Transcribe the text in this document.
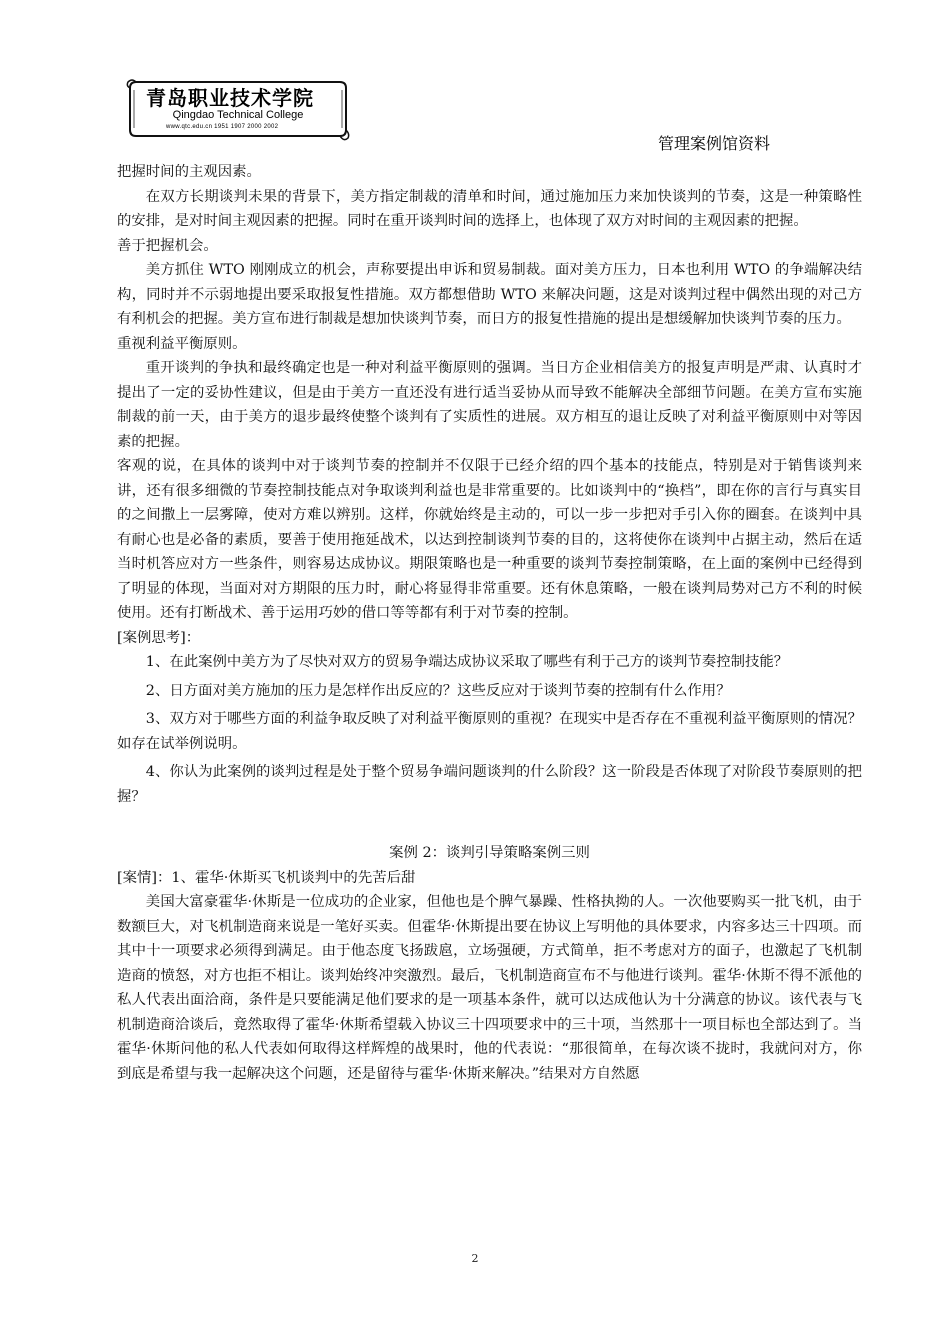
青岛职业技术学院
Qingdao Technical College
www.qtc.edu.cn 1951 1907 2000 2002
管理案例馆资料

把握时间的主观因素。

在双方长期谈判未果的背景下，美方指定制裁的清单和时间，通过施加压力来加快谈判的节奏，这是一种策略性的安排，是对时间主观因素的把握。同时在重开谈判时间的选择上，也体现了双方对时间的主观因素的把握。

善于把握机会。

美方抓住 WTO 刚刚成立的机会，声称要提出申诉和贸易制裁。面对美方压力，日本也利用 WTO 的争端解决结构，同时并不示弱地提出要采取报复性措施。双方都想借助 WTO 来解决问题，这是对谈判过程中偶然出现的对己方有利机会的把握。美方宣布进行制裁是想加快谈判节奏，而日方的报复性措施的提出是想缓解加快谈判节奏的压力。

重视利益平衡原则。

重开谈判的争执和最终确定也是一种对利益平衡原则的强调。当日方企业相信美方的报复声明是严肃、认真时才提出了一定的妥协性建议，但是由于美方一直还没有进行适当妥协从而导致不能解决全部细节问题。在美方宣布实施制裁的前一天，由于美方的退步最终使整个谈判有了实质性的进展。双方相互的退让反映了对利益平衡原则中对等因素的把握。

客观的说，在具体的谈判中对于谈判节奏的控制并不仅限于已经介绍的四个基本的技能点，特别是对于销售谈判来讲，还有很多细微的节奏控制技能点对争取谈判利益也是非常重要的。比如谈判中的“换档”，即在你的言行与真实目的之间撒上一层雾障，使对方难以辨别。这样，你就始终是主动的，可以一步一步把对手引入你的圈套。在谈判中具有耐心也是必备的素质，要善于使用拖延战术，以达到控制谈判节奏的目的，这将使你在谈判中占据主动，然后在适当时机答应对方一些条件，则容易达成协议。期限策略也是一种重要的谈判节奏控制策略，在上面的案例中已经得到了明显的体现，当面对对方期限的压力时，耐心将显得非常重要。还有休息策略，一般在谈判局势对己方不利的时候使用。还有打断战术、善于运用巧妙的借口等等都有利于对节奏的控制。

[案例思考]：

1、在此案例中美方为了尽快对双方的贸易争端达成协议采取了哪些有利于己方的谈判节奏控制技能？

2、日方面对美方施加的压力是怎样作出反应的？这些反应对于谈判节奏的控制有什么作用？

3、双方对于哪些方面的利益争取反映了对利益平衡原则的重视？在现实中是否存在不重视利益平衡原则的情况？如存在试举例说明。

4、你认为此案例的谈判过程是处于整个贸易争端问题谈判的什么阶段？这一阶段是否体现了对阶段节奏原则的把握？

案例 2：谈判引导策略案例三则

[案情]：1、霍华·休斯买飞机谈判中的先苦后甜

美国大富豪霍华·休斯是一位成功的企业家，但他也是个脾气暴躁、性格执拗的人。一次他要购买一批飞机，由于数额巨大，对飞机制造商来说是一笔好买卖。但霍华·休斯提出要在协议上写明他的具体要求，内容多达三十四项。而其中十一项要求必须得到满足。由于他态度飞扬跋扈，立场强硬，方式简单，拒不考虑对方的面子，也激起了飞机制造商的愤怒，对方也拒不相让。谈判始终冲突激烈。最后，飞机制造商宣布不与他进行谈判。霍华·休斯不得不派他的私人代表出面洽商，条件是只要能满足他们要求的是一项基本条件，就可以达成他认为十分满意的协议。该代表与飞机制造商洽谈后，竟然取得了霍华·休斯希望载入协议三十四项要求中的三十项，当然那十一项目标也全部达到了。当霍华·休斯问他的私人代表如何取得这样辉煌的战果时，他的代表说：“那很简单，在每次谈不拢时，我就问对方，你到底是希望与我一起解决这个问题，还是留待与霍华·休斯来解决。”结果对方自然愿

2
